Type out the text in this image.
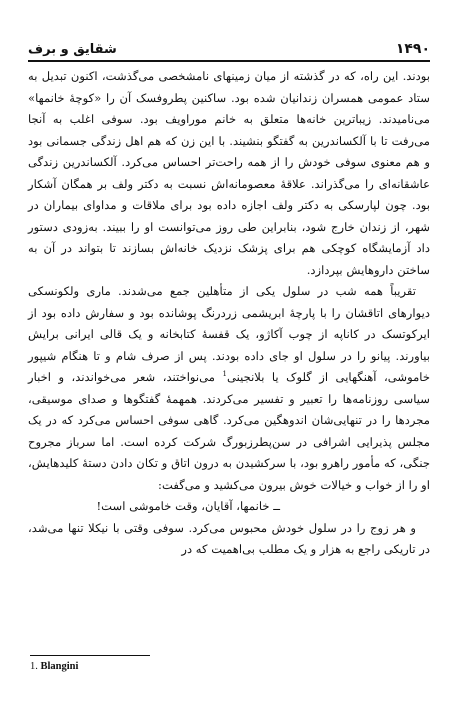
۱۴۹۰
شقایق و برف

بودند. این راه، که در گذشته از میان زمینهای نامشخصی می‌گذشت، اکنون تبدیل به ستاد عمومی همسران زندانیان شده بود. ساکنین پطروفسک آن را «کوچهٔ خانمها» می‌نامیدند. زیباترین خانه‌ها متعلق به خانم موراویف بود. سوفی اغلب به آنجا می‌رفت تا با آلکساندرین به گفتگو بنشیند. با این زن که هم اهل زندگی جسمانی بود و هم معنوی سوفی خودش را از همه راحت‌تر احساس می‌کرد. آلکساندرین زندگی عاشقانه‌ای را می‌گذراند. علاقهٔ معصومانه‌اش نسبت به دکتر ولف بر همگان آشکار بود. چون لپارسکی به دکتر ولف اجازه داده بود برای ملاقات و مداوای بیماران در شهر، از زندان خارج شود، بنابراین طی روز می‌توانست او را ببیند. به‌زودی دستور داد آزمایشگاه کوچکی هم برای پزشک نزدیک خانه‌اش بسازند تا بتواند در آن به ساختن داروهایش بپردازد.

تقریباً همه شب در سلول یکی از متأهلین جمع می‌شدند. ماری ولکونسکی دیوارهای اتاقشان را با پارچهٔ ابریشمی زردرنگ پوشانده بود و سفارش داده بود از ایرکوتسک در کاناپه از چوب آکاژو، یک قفسهٔ کتابخانه و یک قالی ایرانی برایش بیاورند. پیانو را در سلول او جای داده بودند. پس از صرف شام و تا هنگام شیپور خاموشی، آهنگهایی از گلوک یا بلانجینی$^1$ می‌نواختند، شعر می‌خواندند، و اخبار سیاسی روزنامه‌ها را تعبیر و تفسیر می‌کردند. همهمهٔ گفتگوها و صدای موسیقی، مجردها را در تنهایی‌شان اندوهگین می‌کرد. گاهی سوفی احساس می‌کرد که در یک مجلس پذیرایی اشرافی در سن‌پطرزبورگ شرکت کرده است. اما سرباز مجروح جنگی، که مأمور راهرو بود، با سرکشیدن به درون اتاق و تکان دادن دستهٔ کلیدهایش، او را از خواب و خیالات خوش بیرون می‌کشید و می‌گفت:

ــ خانمها، آقایان، وقت خاموشی است!

و هر زوج را در سلول خودش محبوس می‌کرد. سوفی وقتی با نیکلا تنها می‌شد، در تاریکی راجع به هزار و یک مطلب بی‌اهمیت که در

1. Blangini
